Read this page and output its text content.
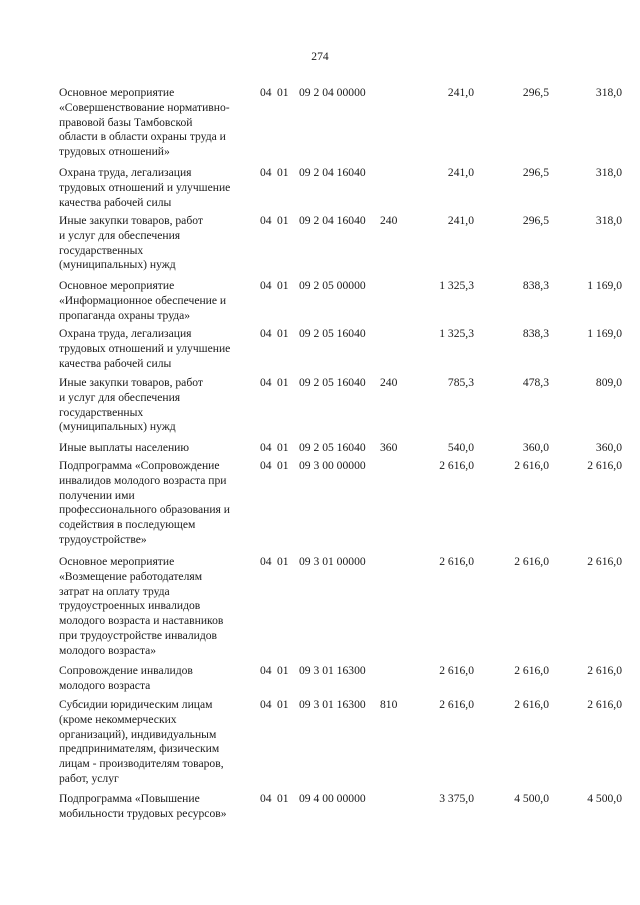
274
Основное мероприятие
«Совершенствование нормативно-
правовой базы Тамбовской
области в области охраны труда и
трудовых отношений»
04 01 09 2 04 00000	241,0	296,5	318,0
Охрана труда, легализация
трудовых отношений и улучшение
качества рабочей силы
04 01 09 2 04 16040	241,0	296,5	318,0
Иные закупки товаров, работ
и услуг для обеспечения
государственных
(муниципальных) нужд
04 01 09 2 04 16040 240	241,0	296,5	318,0
Основное мероприятие
«Информационное обеспечение и
пропаганда охраны труда»
04 01 09 2 05 00000	1 325,3	838,3	1 169,0
Охрана труда, легализация
трудовых отношений и улучшение
качества рабочей силы
04 01 09 2 05 16040	1 325,3	838,3	1 169,0
Иные закупки товаров, работ
и услуг для обеспечения
государственных
(муниципальных) нужд
04 01 09 2 05 16040 240	785,3	478,3	809,0
Иные выплаты населению	04 01 09 2 05 16040 360	540,0	360,0	360,0
Подпрограмма «Сопровождение
инвалидов молодого возраста при
получении ими
профессионального образования и
содействия в последующем
трудоустройстве»
04 01 09 3 00 00000	2 616,0	2 616,0	2 616,0
Основное мероприятие
«Возмещение работодателям
затрат на оплату труда
трудоустроенных инвалидов
молодого возраста и наставников
при трудоустройстве инвалидов
молодого возраста»
04 01 09 3 01 00000	2 616,0	2 616,0	2 616,0
Сопровождение инвалидов
молодого возраста
04 01 09 3 01 16300	2 616,0	2 616,0	2 616,0
Субсидии юридическим лицам
(кроме некоммерческих
организаций), индивидуальным
предпринимателям, физическим
лицам - производителям товаров,
работ, услуг
04 01 09 3 01 16300 810	2 616,0	2 616,0	2 616,0
Подпрограмма «Повышение
мобильности трудовых ресурсов»
04 01 09 4 00 00000	3 375,0	4 500,0	4 500,0
